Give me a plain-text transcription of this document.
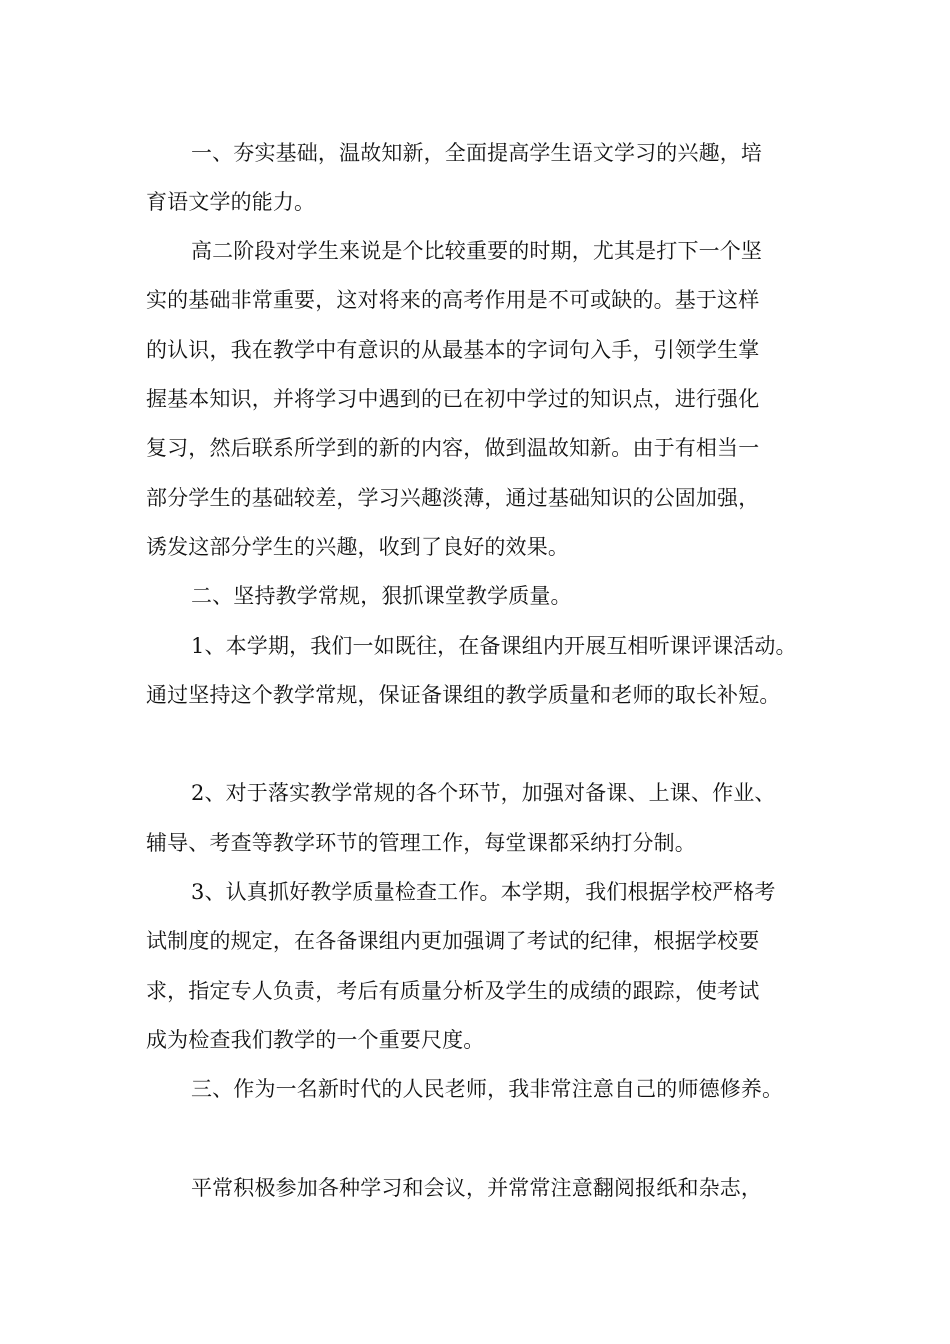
一、夯实基础，温故知新，全面提高学生语文学习的兴趣，培

育语文学的能力。

高二阶段对学生来说是个比较重要的时期，尤其是打下一个坚

实的基础非常重要，这对将来的高考作用是不可或缺的。基于这样

的认识，我在教学中有意识的从最基本的字词句入手，引领学生掌

握基本知识，并将学习中遇到的已在初中学过的知识点，进行强化

复习，然后联系所学到的新的内容，做到温故知新。由于有相当一

部分学生的基础较差，学习兴趣淡薄，通过基础知识的公固加强，

诱发这部分学生的兴趣，收到了良好的效果。

二、坚持教学常规，狠抓课堂教学质量。

1、本学期，我们一如既往，在备课组内开展互相听课评课活动。

通过坚持这个教学常规，保证备课组的教学质量和老师的取长补短。

2、对于落实教学常规的各个环节，加强对备课、上课、作业、

辅导、考查等教学环节的管理工作，每堂课都采纳打分制。

3、认真抓好教学质量检查工作。本学期，我们根据学校严格考

试制度的规定，在各备课组内更加强调了考试的纪律，根据学校要

求，指定专人负责，考后有质量分析及学生的成绩的跟踪，使考试

成为检查我们教学的一个重要尺度。

三、作为一名新时代的人民老师，我非常注意自己的师德修养。

平常积极参加各种学习和会议，并常常注意翻阅报纸和杂志，
